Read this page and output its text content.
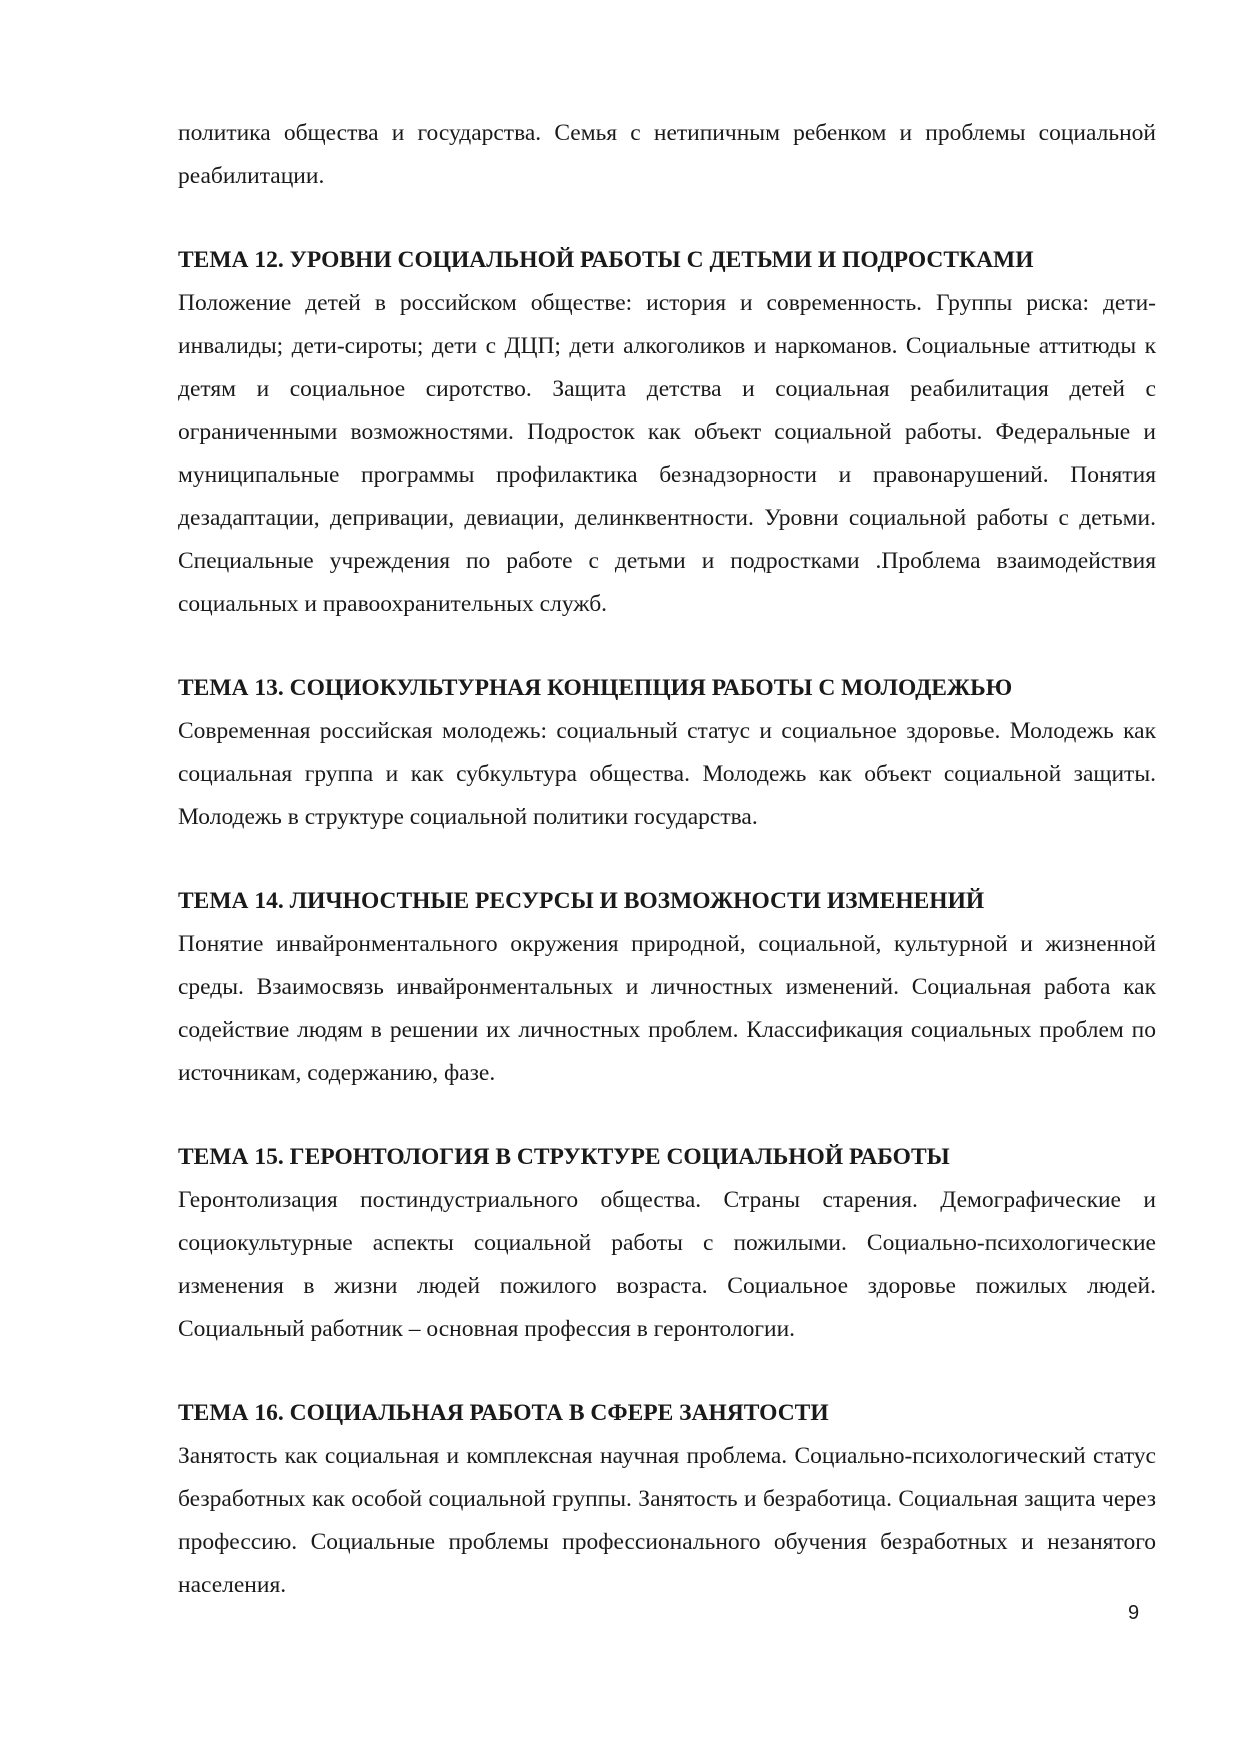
политика общества и государства. Семья с нетипичным ребенком и проблемы социальной реабилитации.

ТЕМА 12. УРОВНИ СОЦИАЛЬНОЙ РАБОТЫ С ДЕТЬМИ И ПОДРОСТКАМИ

Положение детей в российском обществе: история и современность. Группы риска: дети-инвалиды; дети-сироты; дети с ДЦП; дети алкоголиков и наркоманов. Социальные аттитюды к детям и социальное сиротство. Защита детства и социальная реабилитация детей с ограниченными возможностями. Подросток как объект социальной работы. Федеральные и муниципальные программы профилактика безнадзорности и правонарушений. Понятия дезадаптации, депривации, девиации, делинквентности. Уровни социальной работы с детьми. Специальные учреждения по работе с детьми и подростками .Проблема взаимодействия социальных и правоохранительных служб.

ТЕМА 13. СОЦИОКУЛЬТУРНАЯ КОНЦЕПЦИЯ РАБОТЫ С МОЛОДЕЖЬЮ

Современная российская молодежь: социальный статус и социальное здоровье. Молодежь как социальная группа и как субкультура общества. Молодежь как объект социальной защиты. Молодежь в структуре социальной политики государства.

ТЕМА 14. ЛИЧНОСТНЫЕ РЕСУРСЫ И ВОЗМОЖНОСТИ ИЗМЕНЕНИЙ

Понятие инвайронментального окружения природной, социальной, культурной и жизненной среды. Взаимосвязь инвайронментальных и личностных изменений. Социальная работа как содействие людям в решении их личностных проблем. Классификация социальных проблем по источникам, содержанию, фазе.

ТЕМА 15. ГЕРОНТОЛОГИЯ В СТРУКТУРЕ СОЦИАЛЬНОЙ РАБОТЫ

Геронтолизация постиндустриального общества. Страны старения. Демографические и социокультурные аспекты социальной работы с пожилыми. Социально-психологические изменения в жизни людей пожилого возраста. Социальное здоровье пожилых людей. Социальный работник – основная профессия в геронтологии.

ТЕМА 16. СОЦИАЛЬНАЯ РАБОТА В СФЕРЕ ЗАНЯТОСТИ

Занятость как социальная и комплексная научная проблема. Социально-психологический статус безработных как особой социальной группы. Занятость и безработица. Социальная защита через профессию. Социальные проблемы профессионального обучения безработных и незанятого населения.

9
